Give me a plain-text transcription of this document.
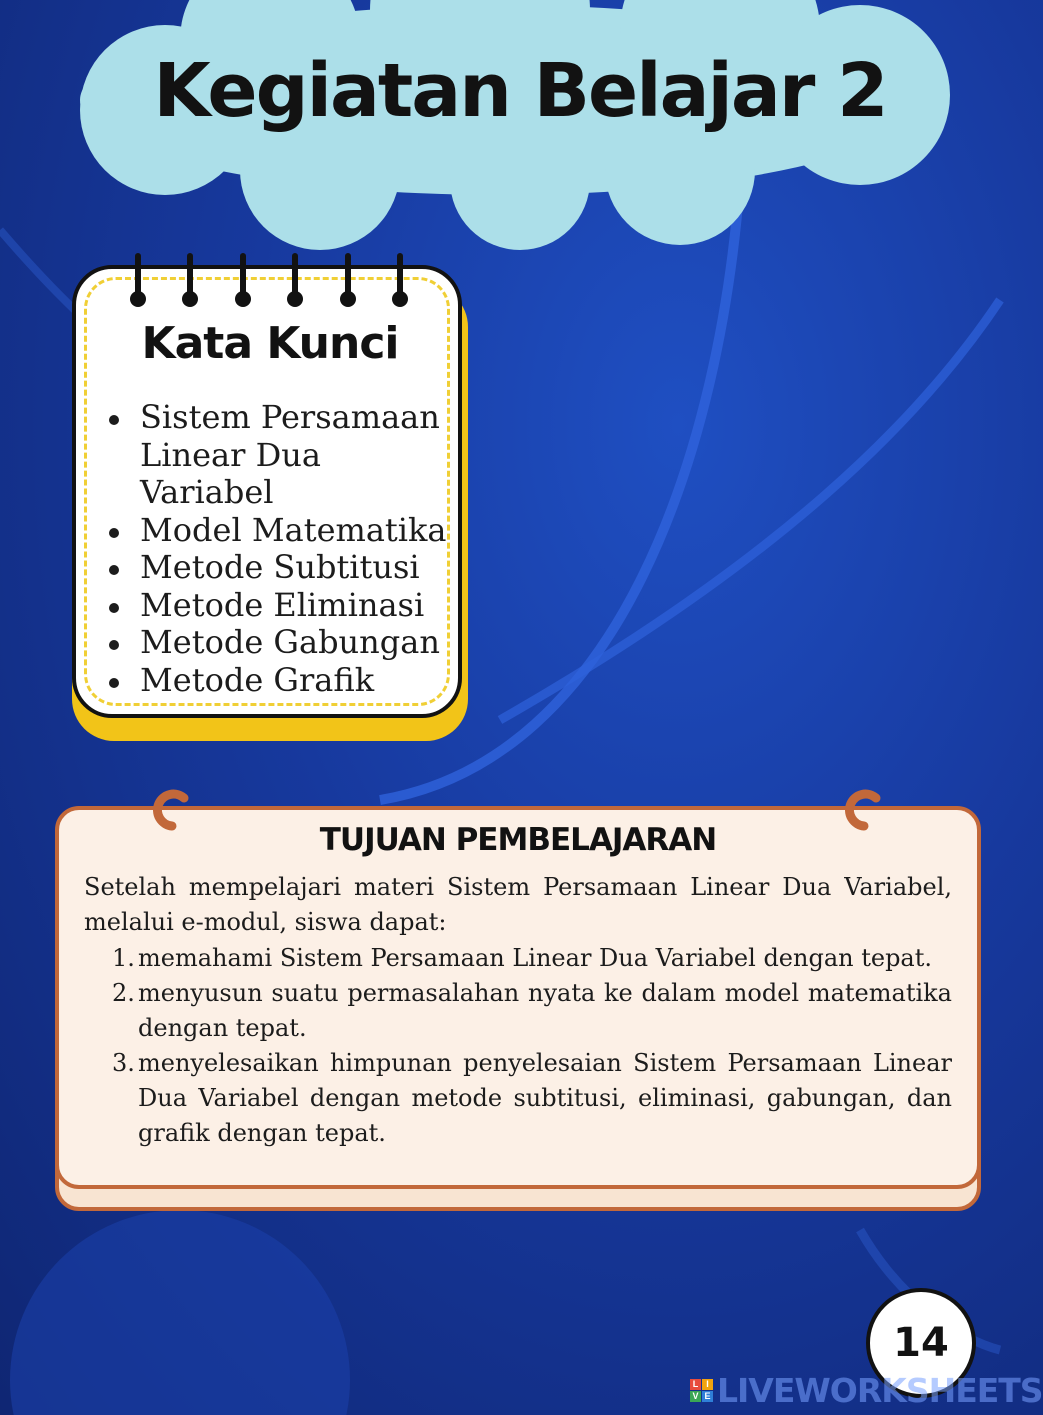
Kegiatan Belajar 2
Kata Kunci
Sistem Persamaan
Linear Dua
Variabel
Model Matematika
Metode Subtitusi
Metode Eliminasi
Metode Gabungan
Metode Grafik
TUJUAN PEMBELAJARAN

Setelah mempelajari materi Sistem Persamaan Linear Dua Variabel, melalui e-modul, siswa dapat:

1. memahami Sistem Persamaan Linear Dua Variabel dengan tepat.
2. menyusun suatu permasalahan nyata ke dalam model matematika dengan tepat.
3. menyelesaikan himpunan penyelesaian Sistem Persamaan Linear Dua Variabel dengan metode subtitusi, eliminasi, gabungan, dan grafik dengan tepat.
14
L I
V E LIVEWORKSHEETS
